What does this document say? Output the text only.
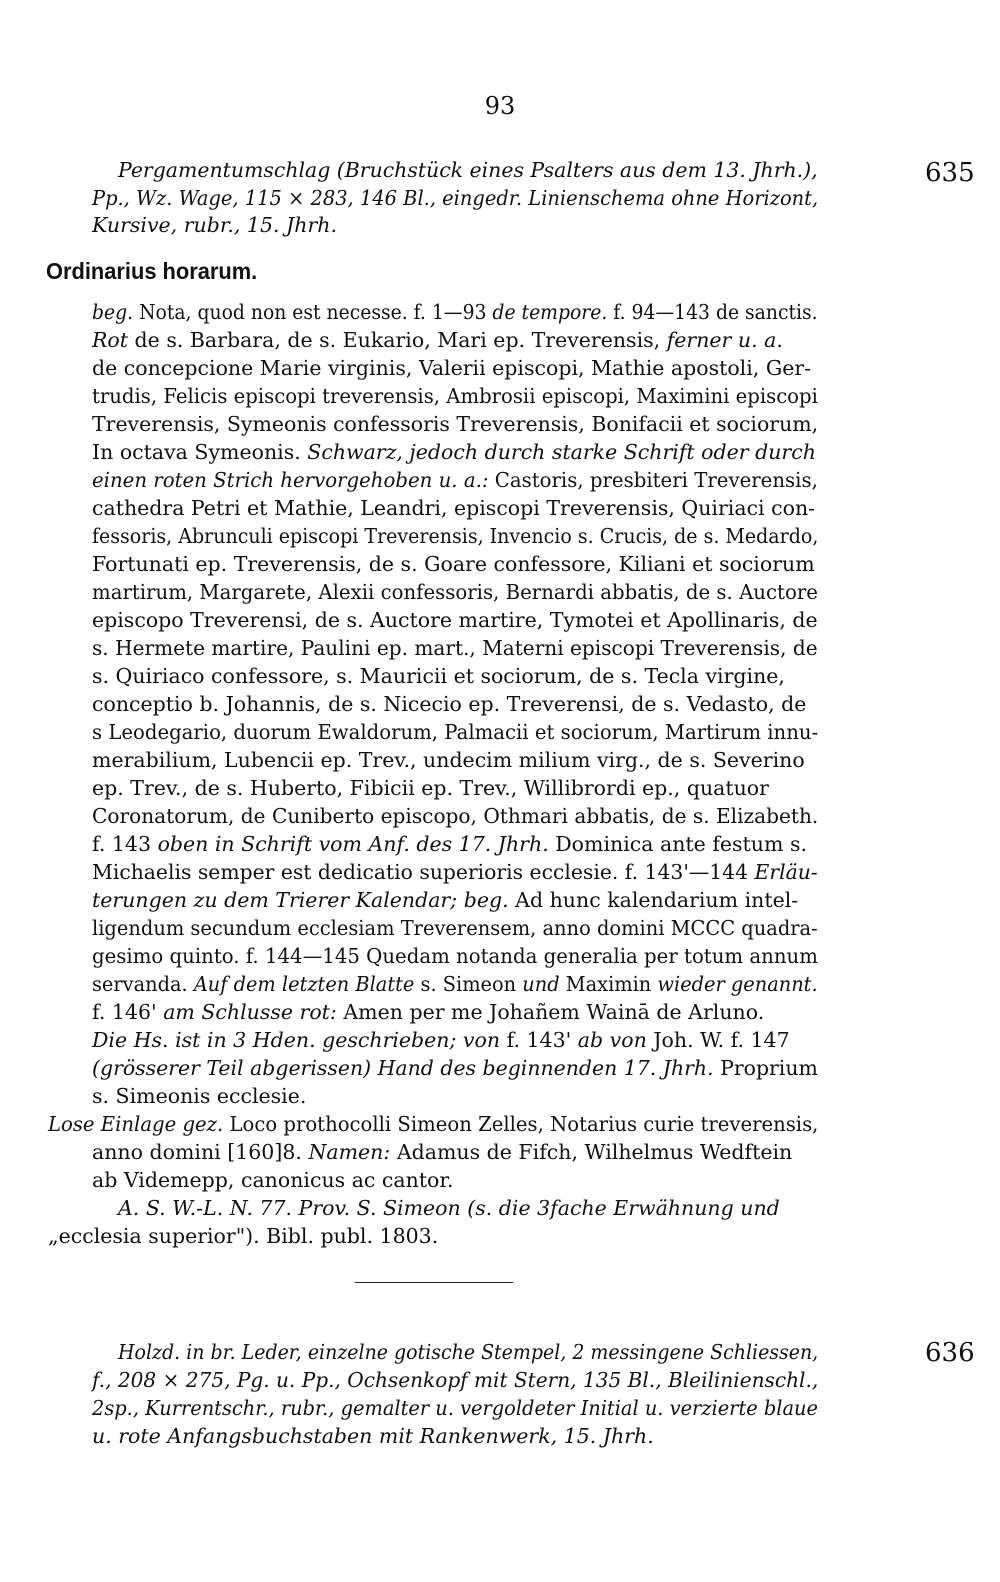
93
635
Pergamentumschlag (Bruchstück eines Psalters aus dem 13. Jhrh.),
Pp., Wz. Wage, 115 × 283, 146 Bl., eingedr. Linienschema ohne Horizont,
Kursive, rubr., 15. Jhrh.
Ordinarius horarum.
beg. Nota, quod non est necesse. f. 1—93 de tempore. f. 94—143 de sanctis.
Rot de s. Barbara, de s. Eukario, Mari ep. Treverensis, ferner u. a.
de concepcione Marie virginis, Valerii episcopi, Mathie apostoli, Ger-
trudis, Felicis episcopi treverensis, Ambrosii episcopi, Maximini episcopi
Treverensis, Symeonis confessoris Treverensis, Bonifacii et sociorum,
In octava Symeonis. Schwarz, jedoch durch starke Schrift oder durch
einen roten Strich hervorgehoben u. a.: Castoris, presbiteri Treverensis,
cathedra Petri et Mathie, Leandri, episcopi Treverensis, Quiriaci con-
fessoris, Abrunculi episcopi Treverensis, Invencio s. Crucis, de s. Medardo,
Fortunati ep. Treverensis, de s. Goare confessore, Kiliani et sociorum
martirum, Margarete, Alexii confessoris, Bernardi abbatis, de s. Auctore
episcopo Treverensi, de s. Auctore martire, Tymotei et Apollinaris, de
s. Hermete martire, Paulini ep. mart., Materni episcopi Treverensis, de
s. Quiriaco confessore, s. Mauricii et sociorum, de s. Tecla virgine,
conceptio b. Johannis, de s. Nicecio ep. Treverensi, de s. Vedasto, de
s Leodegario, duorum Ewaldorum, Palmacii et sociorum, Martirum innu-
merabilium, Lubencii ep. Trev., undecim milium virg., de s. Severino
ep. Trev., de s. Huberto, Fibicii ep. Trev., Willibrordi ep., quatuor
Coronatorum, de Cuniberto episcopo, Othmari abbatis, de s. Elizabeth.
f. 143 oben in Schrift vom Anf. des 17. Jhrh. Dominica ante festum s.
Michaelis semper est dedicatio superioris ecclesie. f. 143'—144 Erläu-
terungen zu dem Trierer Kalendar; beg. Ad hunc kalendarium intel-
ligendum secundum ecclesiam Treverensem, anno domini MCCC quadra-
gesimo quinto. f. 144—145 Quedam notanda generalia per totum annum
servanda. Auf dem letzten Blatte s. Simeon und Maximin wieder genannt.
f. 146' am Schlusse rot: Amen per me Johañem Wainā de Arluno.
Die Hs. ist in 3 Hden. geschrieben; von f. 143' ab von Joh. W. f. 147
(grösserer Teil abgerissen) Hand des beginnenden 17. Jhrh. Proprium
s. Simeonis ecclesie.
Lose Einlage gez. Loco prothocolli Simeon Zelles, Notarius curie treverensis,
anno domini [160]8. Namen: Adamus de Fifch, Wilhelmus Wedftein
ab Videmepp, canonicus ac cantor.
A. S. W.-L. N. 77. Prov. S. Simeon (s. die 3fache Erwähnung und
„ecclesia superior"). Bibl. publ. 1803.
636
Holzd. in br. Leder, einzelne gotische Stempel, 2 messingene Schliessen,
f., 208 × 275, Pg. u. Pp., Ochsenkopf mit Stern, 135 Bl., Bleilinienschl.,
2sp., Kurrentschr., rubr., gemalter u. vergoldeter Initial u. verzierte blaue
u. rote Anfangsbuchstaben mit Rankenwerk, 15. Jhrh.
